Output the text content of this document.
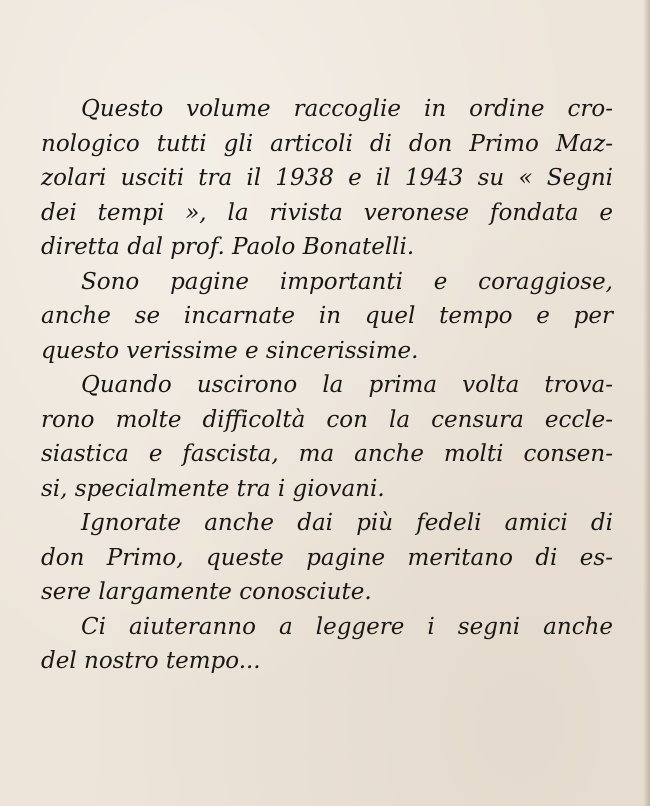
Questo volume raccoglie in ordine cro-
nologico tutti gli articoli di don Primo Maz-
zolari usciti tra il 1938 e il 1943 su « Segni
dei tempi », la rivista veronese fondata e
diretta dal prof. Paolo Bonatelli.
Sono pagine importanti e coraggiose,
anche se incarnate in quel tempo e per
questo verissime e sincerissime.
Quando uscirono la prima volta trova-
rono molte difficoltà con la censura eccle-
siastica e fascista, ma anche molti consen-
si, specialmente tra i giovani.
Ignorate anche dai più fedeli amici di
don Primo, queste pagine meritano di es-
sere largamente conosciute.
Ci aiuteranno a leggere i segni anche
del nostro tempo...
